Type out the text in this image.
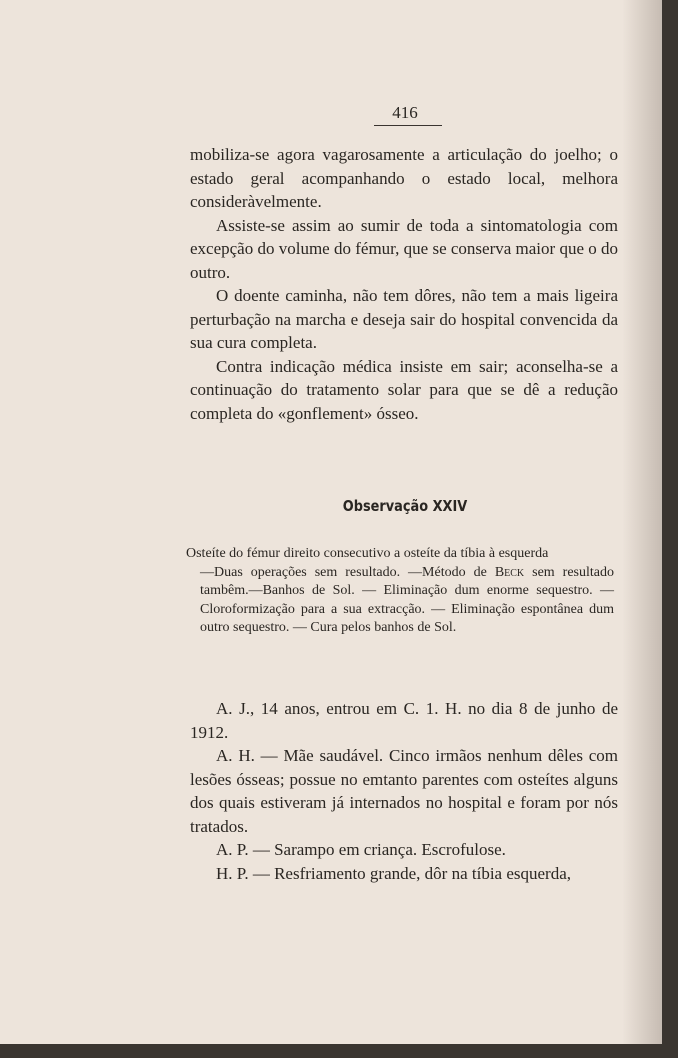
416

mobiliza-se agora vagarosamente a articulação do joelho; o estado geral acompanhando o estado local, melhora consideràvelmente.

Assiste-se assim ao sumir de toda a sintomatologia com excepção do volume do fémur, que se conserva maior que o do outro.

O doente caminha, não tem dôres, não tem a mais ligeira perturbação na marcha e deseja sair do hospital convencida da sua cura completa.

Contra indicação médica insiste em sair; aconselha-se a continuação do tratamento solar para que se dê a redução completa do «gonflement» ósseo.

Observação XXIV
Osteíte do fémur direito consecutivo a osteíte da tíbia à esquerda
—Duas operações sem resultado. —Método de Beck sem resultado tambêm.—Banhos de Sol. — Eliminação dum enorme sequestro. — Cloroformização para a sua extracção. — Eliminação espontânea dum outro sequestro. — Cura pelos banhos de Sol.

A. J., 14 anos, entrou em C. 1. H. no dia 8 de junho de 1912.

A. H. — Mãe saudável. Cinco irmãos nenhum dêles com lesões ósseas; possue no emtanto parentes com osteítes alguns dos quais estiveram já internados no hospital e foram por nós tratados.

A. P. — Sarampo em criança. Escrofulose.

H. P. — Resfriamento grande, dôr na tíbia esquerda,
